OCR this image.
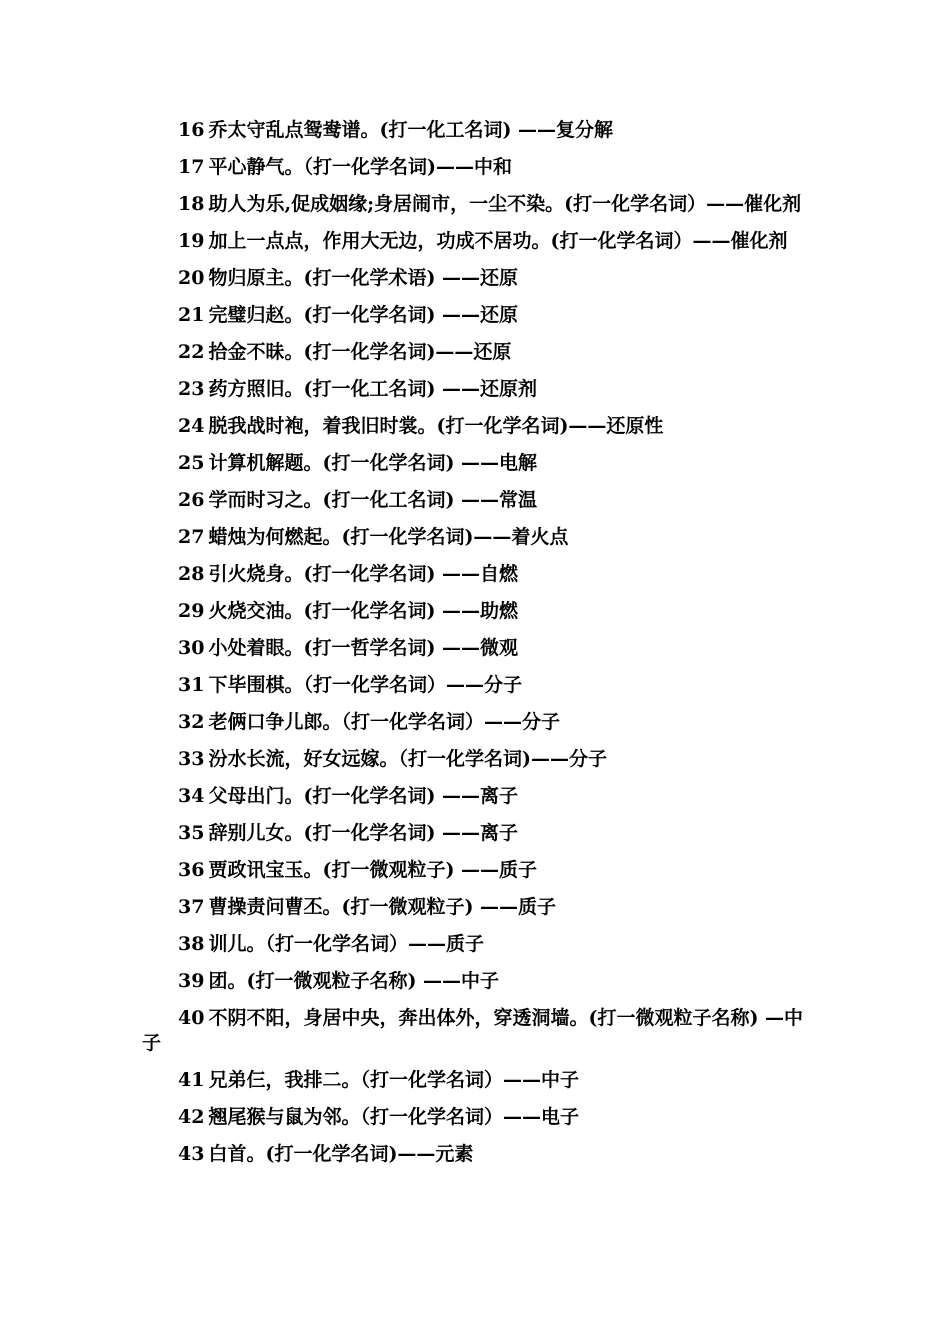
16 乔太守乱点鸳鸯谱。(打一化工名词) ——复分解

17 平心静气。（打一化学名词)——中和

18 助人为乐,促成姻缘;身居闹市，一尘不染。(打一化学名词）——催化剂

19 加上一点点，作用大无边，功成不居功。(打一化学名词）——催化剂

20 物归原主。(打一化学术语) ——还原

21 完璧归赵。(打一化学名词) ——还原

22 拾金不昧。(打一化学名词)——还原

23 药方照旧。(打一化工名词) ——还原剂

24 脱我战时袍，着我旧时裳。(打一化学名词)——还原性

25 计算机解题。(打一化学名词) ——电解

26 学而时习之。(打一化工名词) ——常温

27 蜡烛为何燃起。(打一化学名词)——着火点

28 引火烧身。(打一化学名词) ——自燃

29 火烧交油。(打一化学名词) ——助燃

30 小处着眼。(打一哲学名词) ——微观

31 下毕围棋。（打一化学名词）——分子

32 老俩口争儿郎。（打一化学名词）——分子

33 汾水长流，好女远嫁。（打一化学名词)——分子

34 父母出门。(打一化学名词) ——离子

35 辞别儿女。(打一化学名词) ——离子

36 贾政讯宝玉。(打一微观粒子) ——质子

37 曹操责问曹丕。(打一微观粒子) ——质子

38 训儿。（打一化学名词）——质子

39 团。(打一微观粒子名称) ——中子

40 不阴不阳，身居中央，奔出体外，穿透洞墙。(打一微观粒子名称) —中子

41 兄弟仨，我排二。（打一化学名词）——中子

42 翘尾猴与鼠为邻。（打一化学名词）——电子

43 白首。(打一化学名词)——元素
